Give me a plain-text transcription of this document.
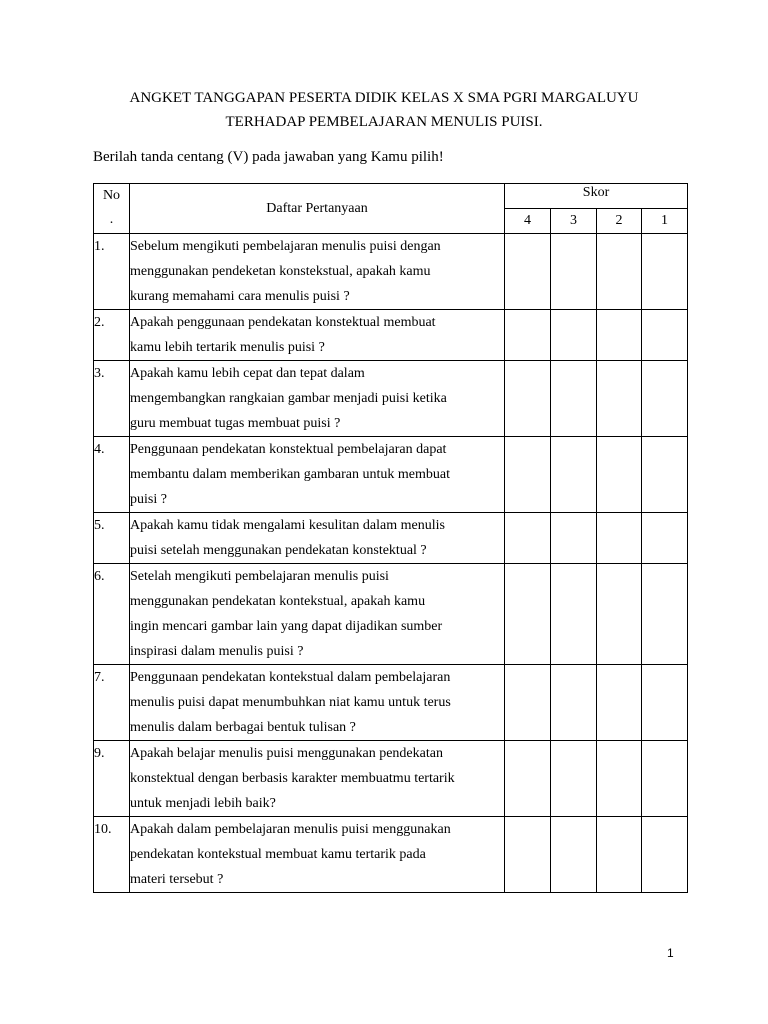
ANGKET TANGGAPAN PESERTA DIDIK KELAS X SMA PGRI MARGALUYU
TERHADAP PEMBELAJARAN MENULIS PUISI.
Berilah tanda centang (V) pada jawaban yang Kamu pilih!
No
.	Daftar Pertanyaan	Skor			
		4	3	2	1
1.	Sebelum mengikuti pembelajaran menulis puisi dengan
menggunakan pendeketan konstekstual, apakah kamu
kurang memahami cara menulis puisi ?				

2.	Apakah penggunaan pendekatan konstektual membuat
kamu lebih tertarik menulis puisi ?				

3.	Apakah kamu lebih cepat dan tepat dalam
mengembangkan rangkaian gambar menjadi puisi ketika
guru membuat tugas membuat puisi ?				

4.	Penggunaan pendekatan konstektual pembelajaran dapat
membantu dalam memberikan gambaran untuk membuat
puisi ?				

5.	Apakah kamu tidak mengalami kesulitan dalam menulis
puisi setelah menggunakan pendekatan konstektual ?				

6.	Setelah mengikuti pembelajaran menulis puisi
menggunakan pendekatan kontekstual, apakah kamu
ingin mencari gambar lain yang dapat dijadikan sumber
inspirasi dalam menulis puisi ?				

7.	Penggunaan pendekatan kontekstual dalam pembelajaran
menulis puisi dapat menumbuhkan niat kamu untuk terus
menulis dalam berbagai bentuk tulisan ?				

9.	Apakah belajar menulis puisi menggunakan pendekatan
konstektual dengan berbasis karakter membuatmu tertarik
untuk menjadi lebih baik?				

10.	Apakah dalam pembelajaran menulis puisi menggunakan
pendekatan kontekstual membuat kamu tertarik pada
materi tersebut ?				

1
